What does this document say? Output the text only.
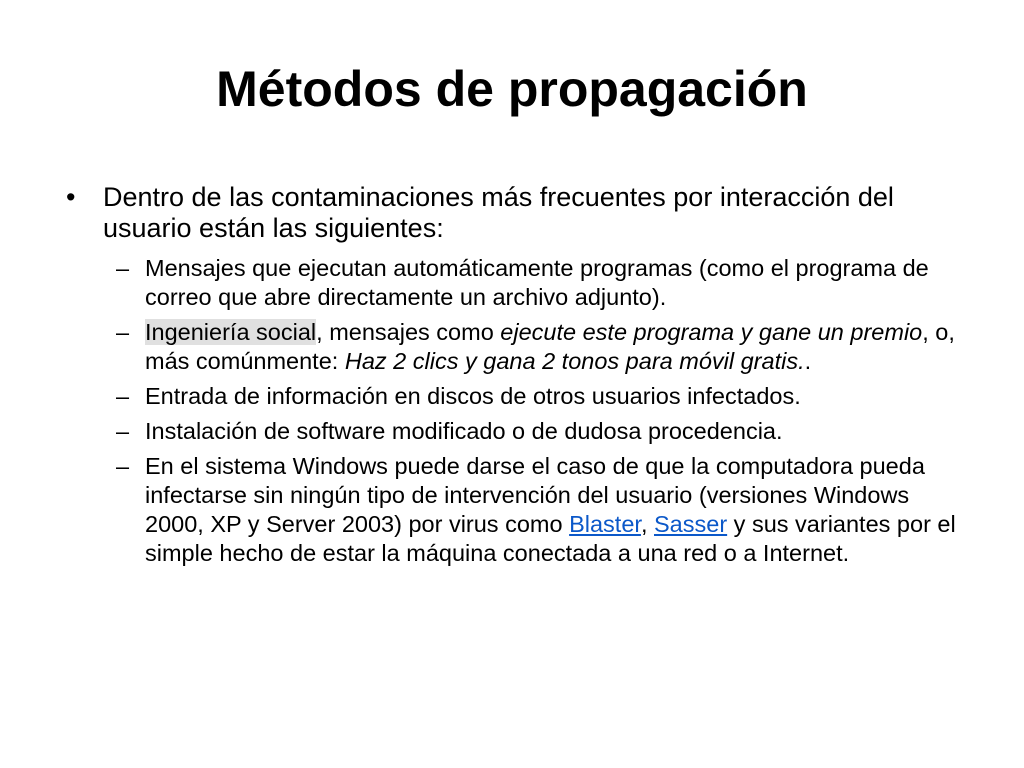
Métodos de propagación
• Dentro de las contaminaciones más frecuentes por interacción del usuario están las siguientes:
– Mensajes que ejecutan automáticamente programas (como el programa de correo que abre directamente un archivo adjunto).
– Ingeniería social, mensajes como ejecute este programa y gane un premio, o, más comúnmente: Haz 2 clics y gana 2 tonos para móvil gratis..
– Entrada de información en discos de otros usuarios infectados.
– Instalación de software modificado o de dudosa procedencia.
– En el sistema Windows puede darse el caso de que la computadora pueda infectarse sin ningún tipo de intervención del usuario (versiones Windows 2000, XP y Server 2003) por virus como Blaster, Sasser y sus variantes por el simple hecho de estar la máquina conectada a una red o a Internet.
